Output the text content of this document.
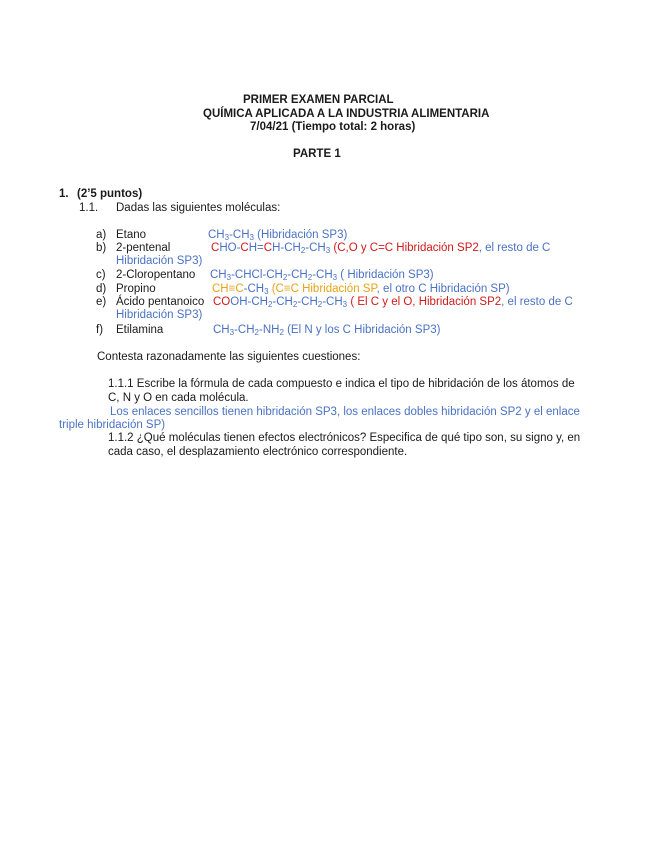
PRIMER EXAMEN PARCIAL
QUÍMICA APLICADA A LA INDUSTRIA ALIMENTARIA
7/04/21 (Tiempo total: 2 horas)
PARTE 1
1. (2’5 puntos)
1.1. Dadas las siguientes moléculas:
a) Etano	$CH_3-CH_3$ (Hibridación SP3)
b) 2-pentenal	CHO-$CH=CH-CH_2-CH_3$ (C,O y C=C Hibridación SP2, el resto de C
Hibridación SP3)
c) 2-Cloropentano $CH_3-CHCl-CH_2-CH_2-CH_3$ ( Hibridación SP3)
d) Propino	$CH\equiv C-CH_3$ (C≡C Hibridación SP, el otro C Hibridación SP)
e) Ácido pentanoico COOH-$CH_2-CH_2-CH_2-CH_3$ ( El C y el O, Hibridación SP2, el resto de C
Hibridación SP3)
f) Etilamina	$CH_3-CH_2-NH_2$ (El N y los C Hibridación SP3)
Contesta razonadamente las siguientes cuestiones:
1.1.1 Escribe la fórmula de cada compuesto e indica el tipo de hibridación de los átomos de
C, N y O en cada molécula.
Los enlaces sencillos tienen hibridación SP3, los enlaces dobles hibridación SP2 y el enlace
triple hibridación SP)
1.1.2 ¿Qué moléculas tienen efectos electrónicos? Especifica de qué tipo son, su signo y, en
cada caso, el desplazamiento electrónico correspondiente.
